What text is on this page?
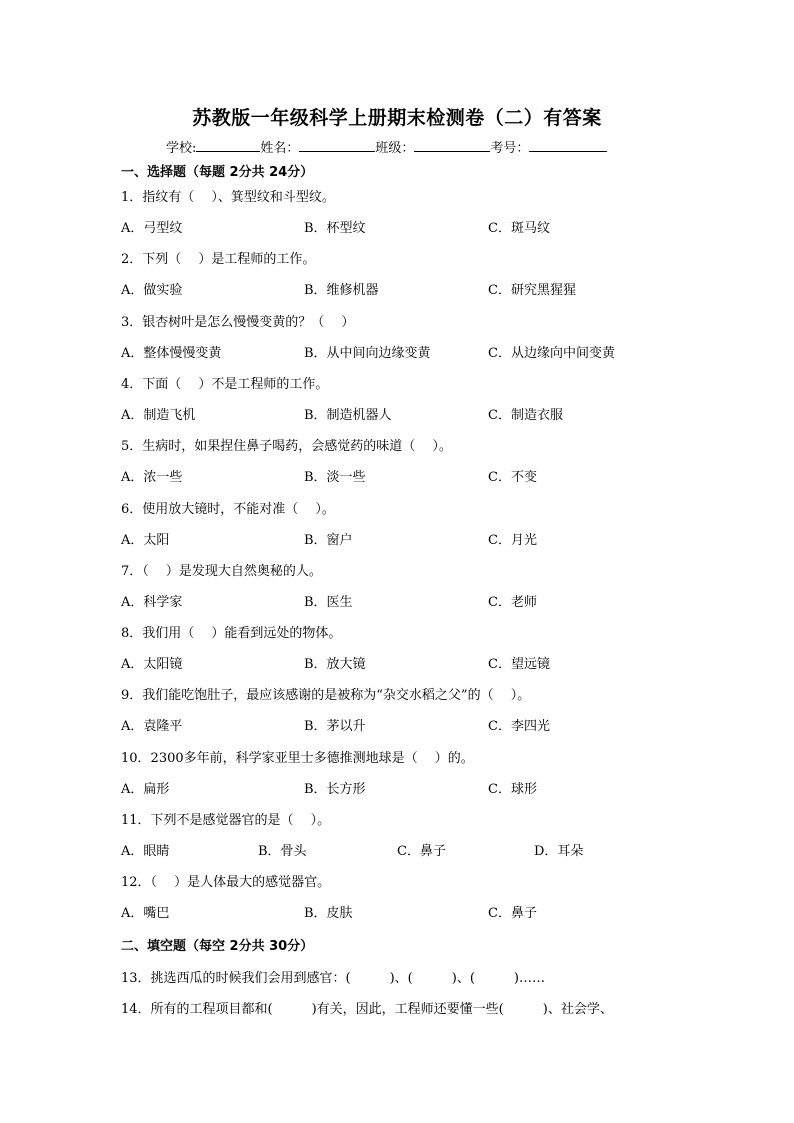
苏教版一年级科学上册期末检测卷（二）有答案
学校:	姓名：	班级：	考号：
一、选择题（每题 2分共 24分）
1．指纹有（　 ）、箕型纹和斗型纹。
A．弓型纹	B．杯型纹	C．斑马纹
2．下列（　 ）是工程师的工作。
A．做实验	B．维修机器	C．研究黑猩猩
3．银杏树叶是怎么慢慢变黄的？（　 ）
A．整体慢慢变黄	B．从中间向边缘变黄	C．从边缘向中间变黄
4．下面（　 ）不是工程师的工作。
A．制造飞机	B．制造机器人	C．制造衣服
5．生病时，如果捏住鼻子喝药，会感觉药的味道（　 ）。
A．浓一些	B．淡一些	C．不变
6．使用放大镜时，不能对准（　 ）。
A．太阳	B．窗户	C．月光
7．（　 ）是发现大自然奥秘的人。
A．科学家	B．医生	C．老师
8．我们用（　 ）能看到远处的物体。
A．太阳镜	B．放大镜	C．望远镜
9．我们能吃饱肚子，最应该感谢的是被称为“杂交水稻之父”的（　 ）。
A．袁隆平	B．茅以升	C．李四光
10．2300多年前，科学家亚里士多德推测地球是（　 ）的。
A．扁形	B．长方形	C．球形
11．下列不是感觉器官的是（　 ）。
A．眼睛	B．骨头	C．鼻子	D．耳朵
12．（　 ）是人体最大的感觉器官。
A．嘴巴	B．皮肤	C．鼻子
二、填空题（每空 2分共 30分）
13．挑选西瓜的时候我们会用到感官：(　　　)、(　　　)、(　　　)……
14．所有的工程项目都和(　　　)有关，因此，工程师还要懂一些(　　　)、社会学、
